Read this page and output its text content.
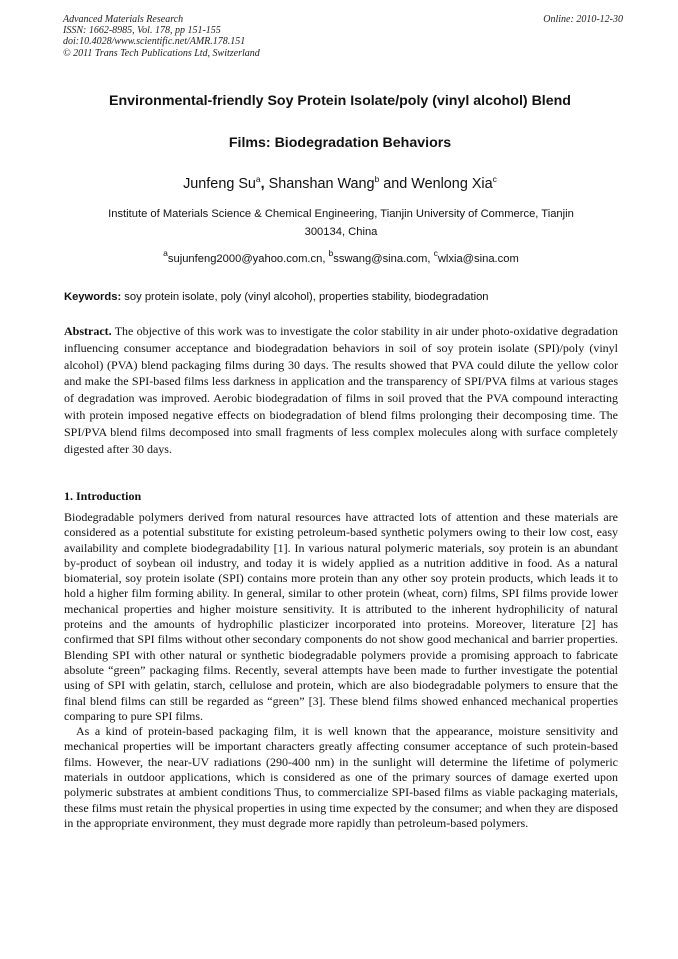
Advanced Materials Research
ISSN: 1662-8985, Vol. 178, pp 151-155
doi:10.4028/www.scientific.net/AMR.178.151
© 2011 Trans Tech Publications Ltd, Switzerland
Online: 2010-12-30
Environmental-friendly Soy Protein Isolate/poly (vinyl alcohol) Blend
Films: Biodegradation Behaviors
Junfeng Su$^a$, Shanshan Wang$^b$ and Wenlong Xia$^c$
Institute of Materials Science & Chemical Engineering, Tianjin University of Commerce, Tianjin
300134, China
$^a$sujunfeng2000@yahoo.com.cn, $^b$sswang@sina.com, $^c$wlxia@sina.com
Keywords: soy protein isolate, poly (vinyl alcohol), properties stability, biodegradation
Abstract. The objective of this work was to investigate the color stability in air under photo-oxidative degradation influencing consumer acceptance and biodegradation behaviors in soil of soy protein isolate (SPI)/poly (vinyl alcohol) (PVA) blend packaging films during 30 days. The results showed that PVA could dilute the yellow color and make the SPI-based films less darkness in application and the transparency of SPI/PVA films at various stages of degradation was improved. Aerobic biodegradation of films in soil proved that the PVA compound interacting with protein imposed negative effects on biodegradation of blend films prolonging their decomposing time. The SPI/PVA blend films decomposed into small fragments of less complex molecules along with surface completely digested after 30 days.
1. Introduction

Biodegradable polymers derived from natural resources have attracted lots of attention and these materials are considered as a potential substitute for existing petroleum-based synthetic polymers owing to their low cost, easy availability and complete biodegradability [1]. In various natural polymeric materials, soy protein is an abundant by-product of soybean oil industry, and today it is widely applied as a nutrition additive in food. As a natural biomaterial, soy protein isolate (SPI) contains more protein than any other soy protein products, which leads it to hold a higher film forming ability. In general, similar to other protein (wheat, corn) films, SPI films provide lower mechanical properties and higher moisture sensitivity. It is attributed to the inherent hydrophilicity of natural proteins and the amounts of hydrophilic plasticizer incorporated into proteins. Moreover, literature [2] has confirmed that SPI films without other secondary components do not show good mechanical and barrier properties. Blending SPI with other natural or synthetic biodegradable polymers provide a promising approach to fabricate absolute “green” packaging films. Recently, several attempts have been made to further investigate the potential using of SPI with gelatin, starch, cellulose and protein, which are also biodegradable polymers to ensure that the final blend films can still be regarded as “green” [3]. These blend films showed enhanced mechanical properties comparing to pure SPI films.

As a kind of protein-based packaging film, it is well known that the appearance, moisture sensitivity and mechanical properties will be important characters greatly affecting consumer acceptance of such protein-based films. However, the near-UV radiations (290-400 nm) in the sunlight will determine the lifetime of polymeric materials in outdoor applications, which is considered as one of the primary sources of damage exerted upon polymeric substrates at ambient conditions Thus, to commercialize SPI-based films as viable packaging materials, these films must retain the physical properties in using time expected by the consumer; and when they are disposed in the appropriate environment, they must degrade more rapidly than petroleum-based polymers.
